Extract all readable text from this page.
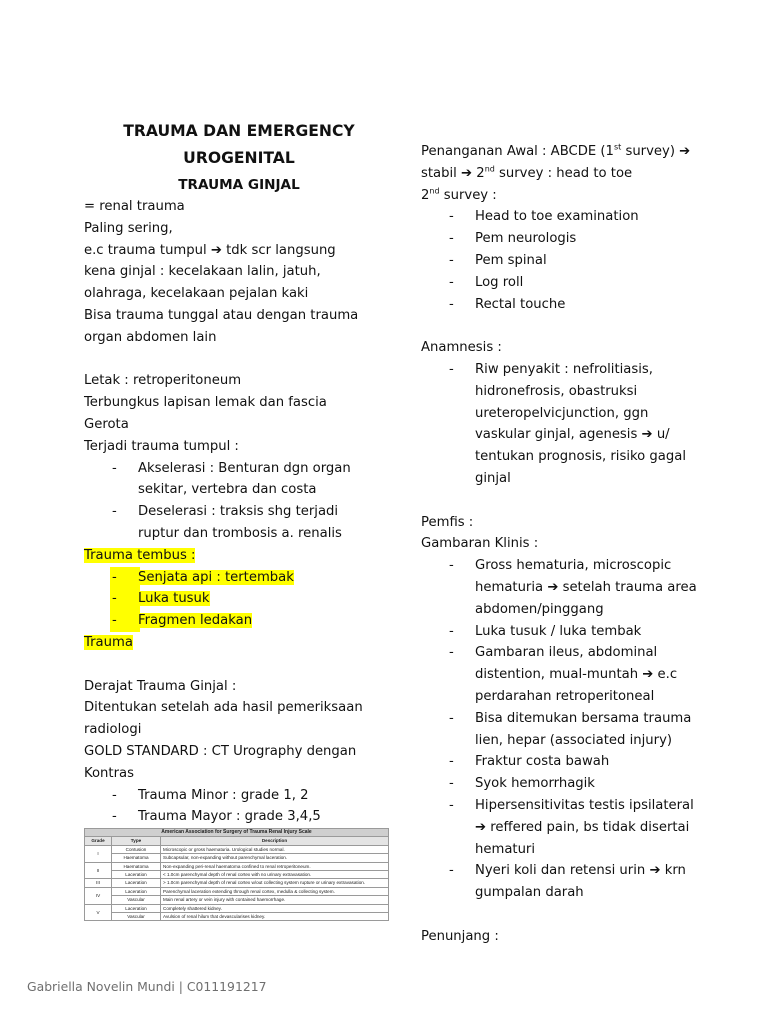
TRAUMA DAN EMERGENCY
UROGENITAL
TRAUMA GINJAL
= renal trauma
Paling sering,
e.c trauma tumpul ➔ tdk scr langsung
kena ginjal : kecelakaan lalin, jatuh,
olahraga, kecelakaan pejalan kaki
Bisa trauma tunggal atau dengan trauma
organ abdomen lain
Letak : retroperitoneum
Terbungkus lapisan lemak dan fascia
Gerota
Terjadi trauma tumpul :
- Akselerasi : Benturan dgn organ
sekitar, vertebra dan costa
- Deselerasi : traksis shg terjadi
ruptur dan trombosis a. renalis
Trauma tembus :
- Senjata api : tertembak
- Luka tusuk
- Fragmen ledakan
Trauma
Derajat Trauma Ginjal :
Ditentukan setelah ada hasil pemeriksaan
radiologi
GOLD STANDARD : CT Urography dengan
Kontras
- Trauma Minor : grade 1, 2
- Trauma Mayor : grade 3,4,5
American Association for Surgery of Trauma Renal Injury Scale		
Grade	Type	Description
I	Contusion	Microscopic or gross haematuria. Urological studies normal.
	Haematoma	Subcapsular, non-expanding without parenchymal laceration.
II	Haematoma	Non-expanding peri-renal haematoma confined to renal retroperitoneum.
	Laceration	< 1.0cm parenchymal depth of renal cortex with no urinary extravasation.
III	Laceration	> 1.0cm parenchymal depth of renal cortex w/out collecting system rupture or urinary extravasation.
IV	Laceration	Parenchymal laceration extending through renal cortex, medulla & collecting system.
	Vascular	Main renal artery or vein injury with contained haemorrhage.
V	Laceration	Completely shattered kidney.
	Vascular	Avulsion of renal hilum that devascularises kidney.
Penanganan Awal : ABCDE (1st survey) ➔
stabil ➔ 2nd survey : head to toe
2nd survey :
- Head to toe examination
- Pem neurologis
- Pem spinal
- Log roll
- Rectal touche
Anamnesis :
- Riw penyakit : nefrolitiasis,
hidronefrosis, obastruksi
ureteropelvicjunction, ggn
vaskular ginjal, agenesis ➔ u/
tentukan prognosis, risiko gagal
ginjal
Pemfis :
Gambaran Klinis :
- Gross hematuria, microscopic
hematuria ➔ setelah trauma area
abdomen/pinggang
- Luka tusuk / luka tembak
- Gambaran ileus, abdominal
distention, mual-muntah ➔ e.c
perdarahan retroperitoneal
- Bisa ditemukan bersama trauma
lien, hepar (associated injury)
- Fraktur costa bawah
- Syok hemorrhagik
- Hipersensitivitas testis ipsilateral
➔ reffered pain, bs tidak disertai
hematuri
- Nyeri koli dan retensi urin ➔ krn
gumpalan darah
Penunjang :
Gabriella Novelin Mundi | C011191217
